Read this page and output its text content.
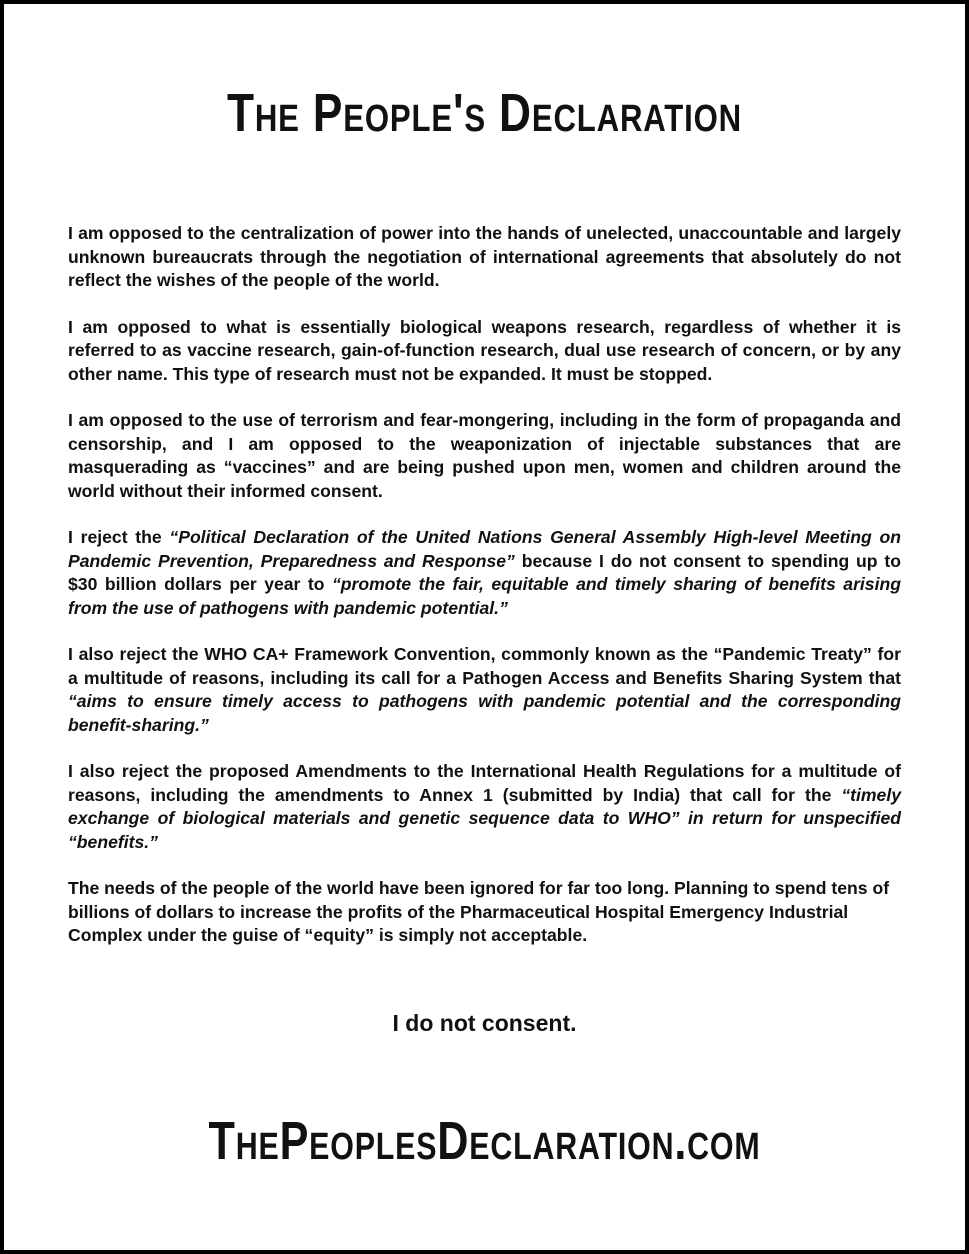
The People's Declaration

I am opposed to the centralization of power into the hands of unelected, unaccountable and largely unknown bureaucrats through the negotiation of international agreements that absolutely do not reflect the wishes of the people of the world.

I am opposed to what is essentially biological weapons research, regardless of whether it is referred to as vaccine research, gain-of-function research, dual use research of concern, or by any other name. This type of research must not be expanded. It must be stopped.

I am opposed to the use of terrorism and fear-mongering, including in the form of propaganda and censorship, and I am opposed to the weaponization of injectable substances that are masquerading as “vaccines” and are being pushed upon men, women and children around the world without their informed consent.

I reject the “Political Declaration of the United Nations General Assembly High-level Meeting on Pandemic Prevention, Preparedness and Response” because I do not consent to spending up to $30 billion dollars per year to “promote the fair, equitable and timely sharing of benefits arising from the use of pathogens with pandemic potential.”

I also reject the WHO CA+ Framework Convention, commonly known as the “Pandemic Treaty” for a multitude of reasons, including its call for a Pathogen Access and Benefits Sharing System that “aims to ensure timely access to pathogens with pandemic potential and the corresponding benefit-sharing.”

I also reject the proposed Amendments to the International Health Regulations for a multitude of reasons, including the amendments to Annex 1 (submitted by India) that call for the “timely exchange of biological materials and genetic sequence data to WHO” in return for unspecified “benefits.”

The needs of the people of the world have been ignored for far too long. Planning to spend tens of billions of dollars to increase the profits of the Pharmaceutical Hospital Emergency Industrial Complex under the guise of “equity” is simply not acceptable.

I do not consent.
ThePeoplesDeclaration.com
